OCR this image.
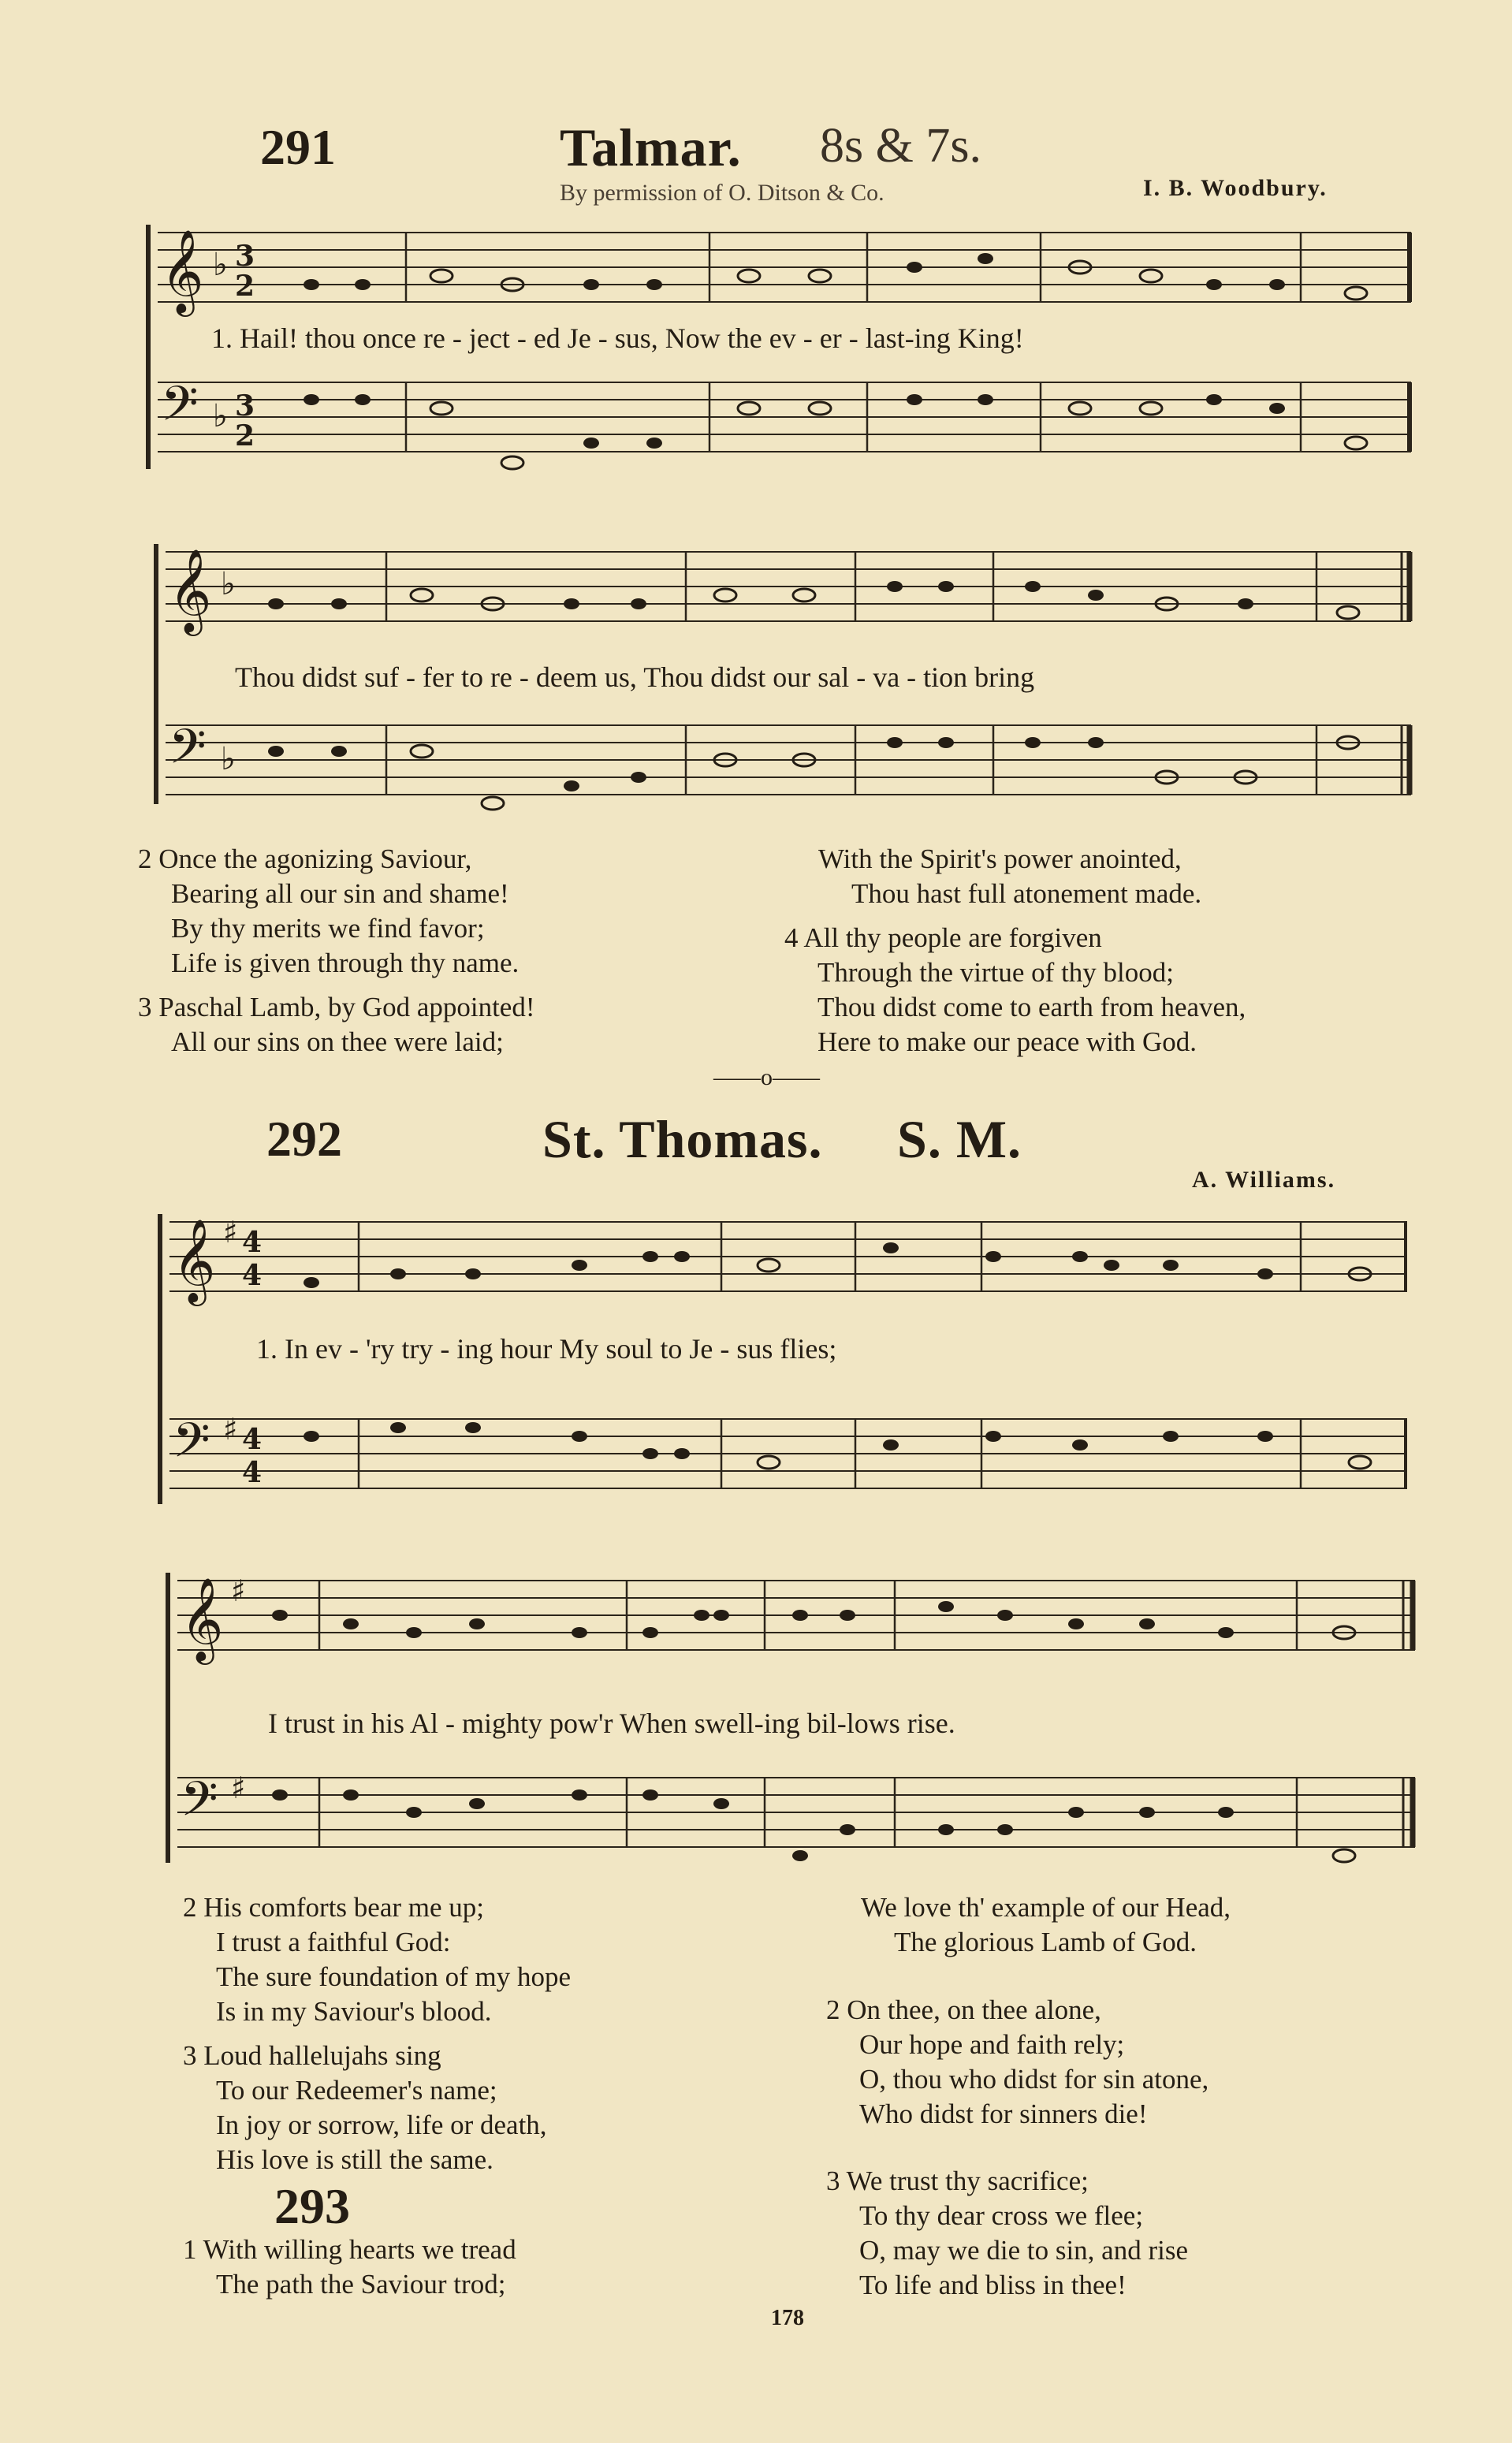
291	Talmar. 8s & 7s.
By permission of O. Ditson & Co.	I. B. Woodbury.
𝄞
𝄢
♭
♭
3
2
3
2
1. Hail! thou once re - ject - ed Je - sus, Now the ev - er - last-ing King!
𝄞
𝄢
♭
♭
Thou didst suf - fer to re - deem us, Thou didst our sal - va - tion bring
2 Once the agonizing Saviour,
Bearing all our sin and shame!
By thy merits we find favor;
Life is given through thy name.
3 Paschal Lamb, by God appointed!
All our sins on thee were laid;
With the Spirit's power anointed,
Thou hast full atonement made.
4 All thy people are forgiven
Through the virtue of thy blood;
Thou didst come to earth from heaven,
Here to make our peace with God.
——o——
292	St. Thomas. S. M.
A. Williams.
𝄞
𝄢
♯
♯
4
4
4
4
1. In ev - 'ry try - ing hour My soul to Je - sus flies;
𝄞
𝄢
♯
♯
I trust in his Al - mighty pow'r When swell-ing bil-lows rise.
2 His comforts bear me up;
I trust a faithful God:
The sure foundation of my hope
Is in my Saviour's blood.
3 Loud hallelujahs sing
To our Redeemer's name;
In joy or sorrow, life or death,
His love is still the same.
293
1 With willing hearts we tread
The path the Saviour trod;
We love th' example of our Head,
The glorious Lamb of God.
2 On thee, on thee alone,
Our hope and faith rely;
O, thou who didst for sin atone,
Who didst for sinners die!
3 We trust thy sacrifice;
To thy dear cross we flee;
O, may we die to sin, and rise
To life and bliss in thee!
178
